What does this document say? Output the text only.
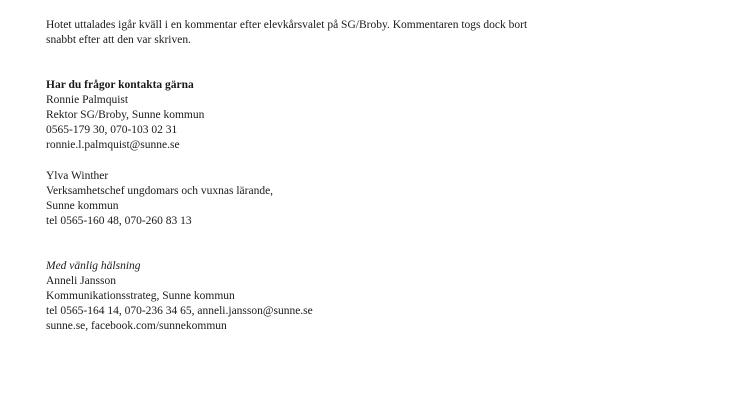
Hotet uttalades igår kväll i en kommentar efter elevkårsvalet på SG/Broby. Kommentaren togs dock bort
snabbt efter att den var skriven.

Har du frågor kontakta gärna
Ronnie Palmquist
Rektor SG/Broby, Sunne kommun
0565-179 30, 070-103 02 31
ronnie.l.palmquist@sunne.se
Ylva Winther
Verksamhetschef ungdomars och vuxnas lärande,
Sunne kommun
tel 0565-160 48, 070-260 83 13
Med vänlig hälsning
Anneli Jansson
Kommunikationsstrateg, Sunne kommun
tel 0565-164 14, 070-236 34 65, anneli.jansson@sunne.se
sunne.se, facebook.com/sunnekommun
